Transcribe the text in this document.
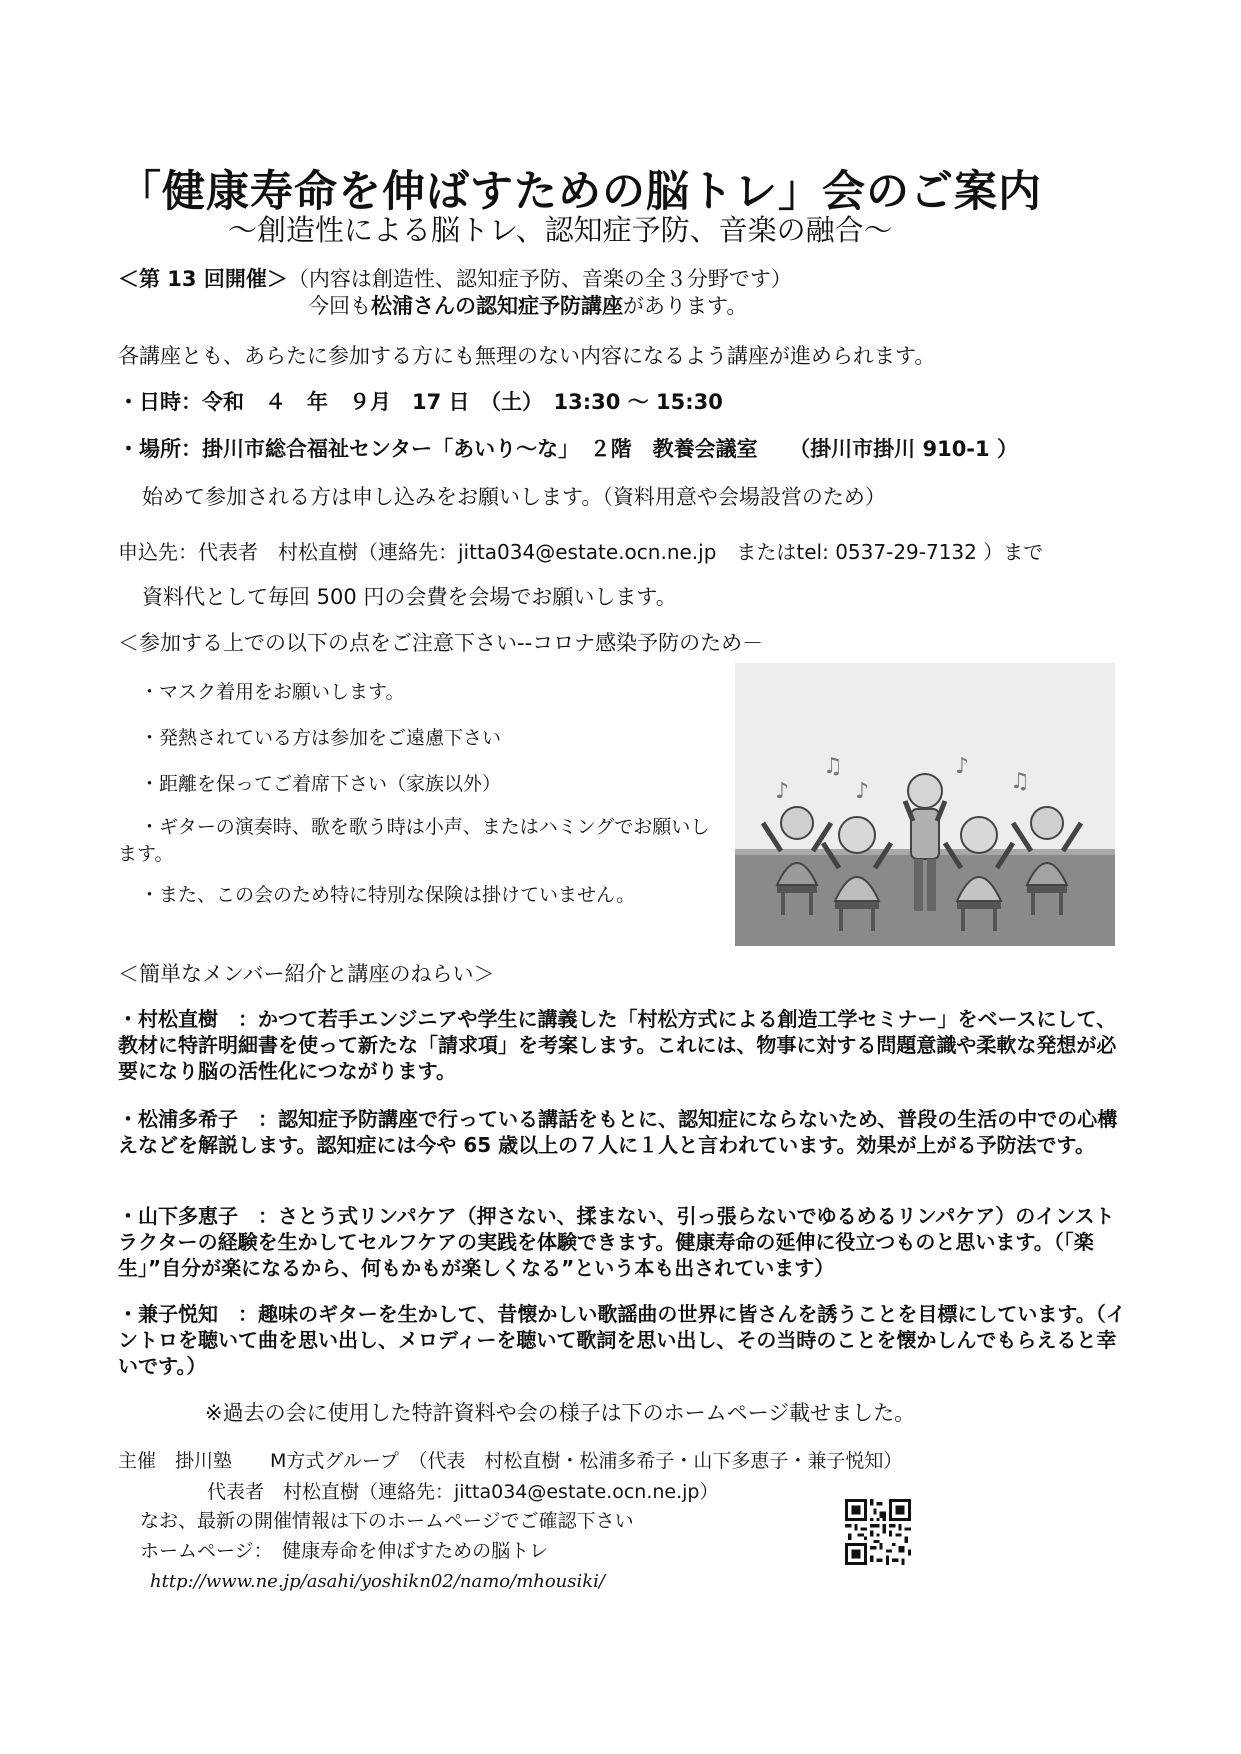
「健康寿命を伸ばすための脳トレ」会のご案内
～創造性による脳トレ、認知症予防、音楽の融合～
＜第 13 回開催＞（内容は創造性、認知症予防、音楽の全３分野です）
今回も松浦さんの認知症予防講座があります。
各講座とも、あらたに参加する方にも無理のない内容になるよう講座が進められます。
・日時：令和　４　年　９月　17 日　（土）　13:30 ～ 15:30
・場所：掛川市総合福祉センター「あいり～な」　２階　教養会議室　　（掛川市掛川 910-1 ）
始めて参加される方は申し込みをお願いします。（資料用意や会場設営のため）
申込先：代表者　村松直樹（連絡先：jitta034@estate.ocn.ne.jp　またはtel: 0537-29-7132 ）まで
資料代として毎回 500 円の会費を会場でお願いします。
＜参加する上での以下の点をご注意下さい--コロナ感染予防のため－
・マスク着用をお願いします。
・発熱されている方は参加をご遠慮下さい
・距離を保ってご着席下さい（家族以外）
・ギターの演奏時、歌を歌う時は小声、またはハミングでお願いします。
・また、この会のため特に特別な保険は掛けていません。
♪
♫
♪
♪
♫
＜簡単なメンバー紹介と講座のねらい＞
・村松直樹　：かつて若手エンジニアや学生に講義した「村松方式による創造工学セミナー」をベースにして、教材に特許明細書を使って新たな「請求項」を考案します。これには、物事に対する問題意識や柔軟な発想が必要になり脳の活性化につながります。
・松浦多希子　：認知症予防講座で行っている講話をもとに、認知症にならないため、普段の生活の中での心構えなどを解説します。認知症には今や 65 歳以上の７人に１人と言われています。効果が上がる予防法です。
・山下多恵子　：さとう式リンパケア（押さない、揉まない、引っ張らないでゆるめるリンパケア）のインストラクターの経験を生かしてセルフケアの実践を体験できます。健康寿命の延伸に役立つものと思います。（「楽生」”自分が楽になるから、何もかもが楽しくなる”という本も出されています）
・兼子悦知　：趣味のギターを生かして、昔懐かしい歌謡曲の世界に皆さんを誘うことを目標にしています。（イントロを聴いて曲を思い出し、メロディーを聴いて歌詞を思い出し、その当時のことを懐かしんでもらえると幸いです。）
※過去の会に使用した特許資料や会の様子は下のホームページ載せました。
主催　掛川塾　　M方式グループ　（代表　村松直樹・松浦多希子・山下多恵子・兼子悦知）
代表者　村松直樹（連絡先：jitta034@estate.ocn.ne.jp）
なお、最新の開催情報は下のホームページでご確認下さい
ホームページ：　健康寿命を伸ばすための脳トレ
http://www.ne.jp/asahi/yoshikn02/namo/mhousiki/
